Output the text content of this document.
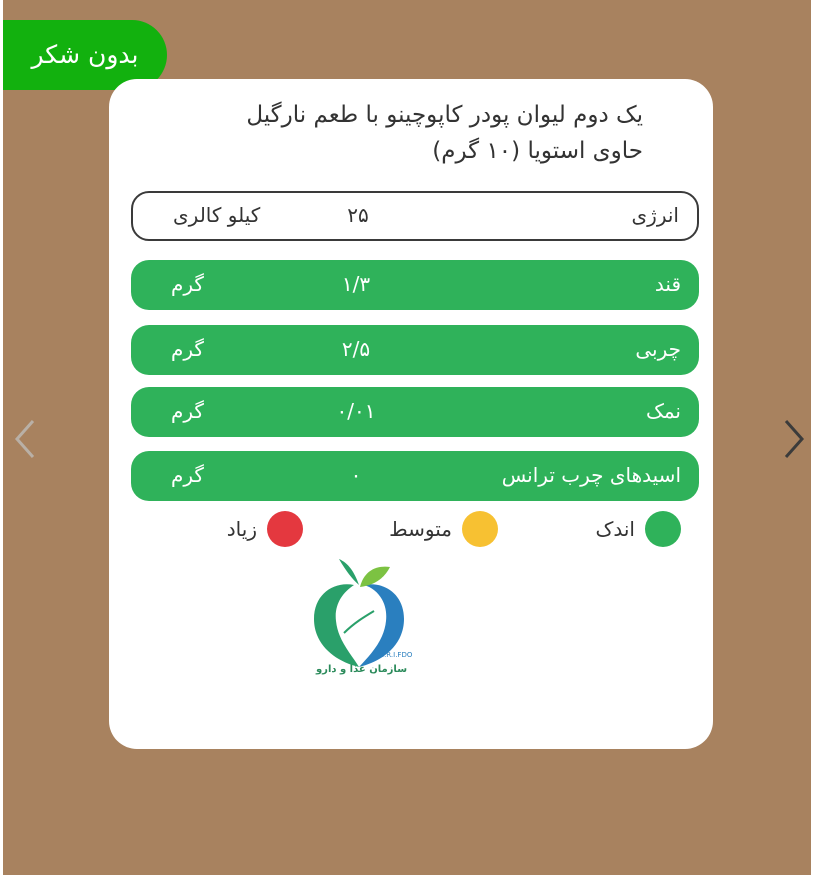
بدون شکر
یک دوم لیوان پودر کاپوچینو با طعم نارگیل
حاوی استویا (۱۰ گرم)
انرژی
۲۵
کیلو کالری
قند
۱/۳
گرم
چربی
۲/۵
گرم
نمک
۰/۰۱
گرم
اسیدهای چرب ترانس
۰
گرم
اندک
متوسط
زیاد
I.R.I.FDO
سازمان غذا و دارو
